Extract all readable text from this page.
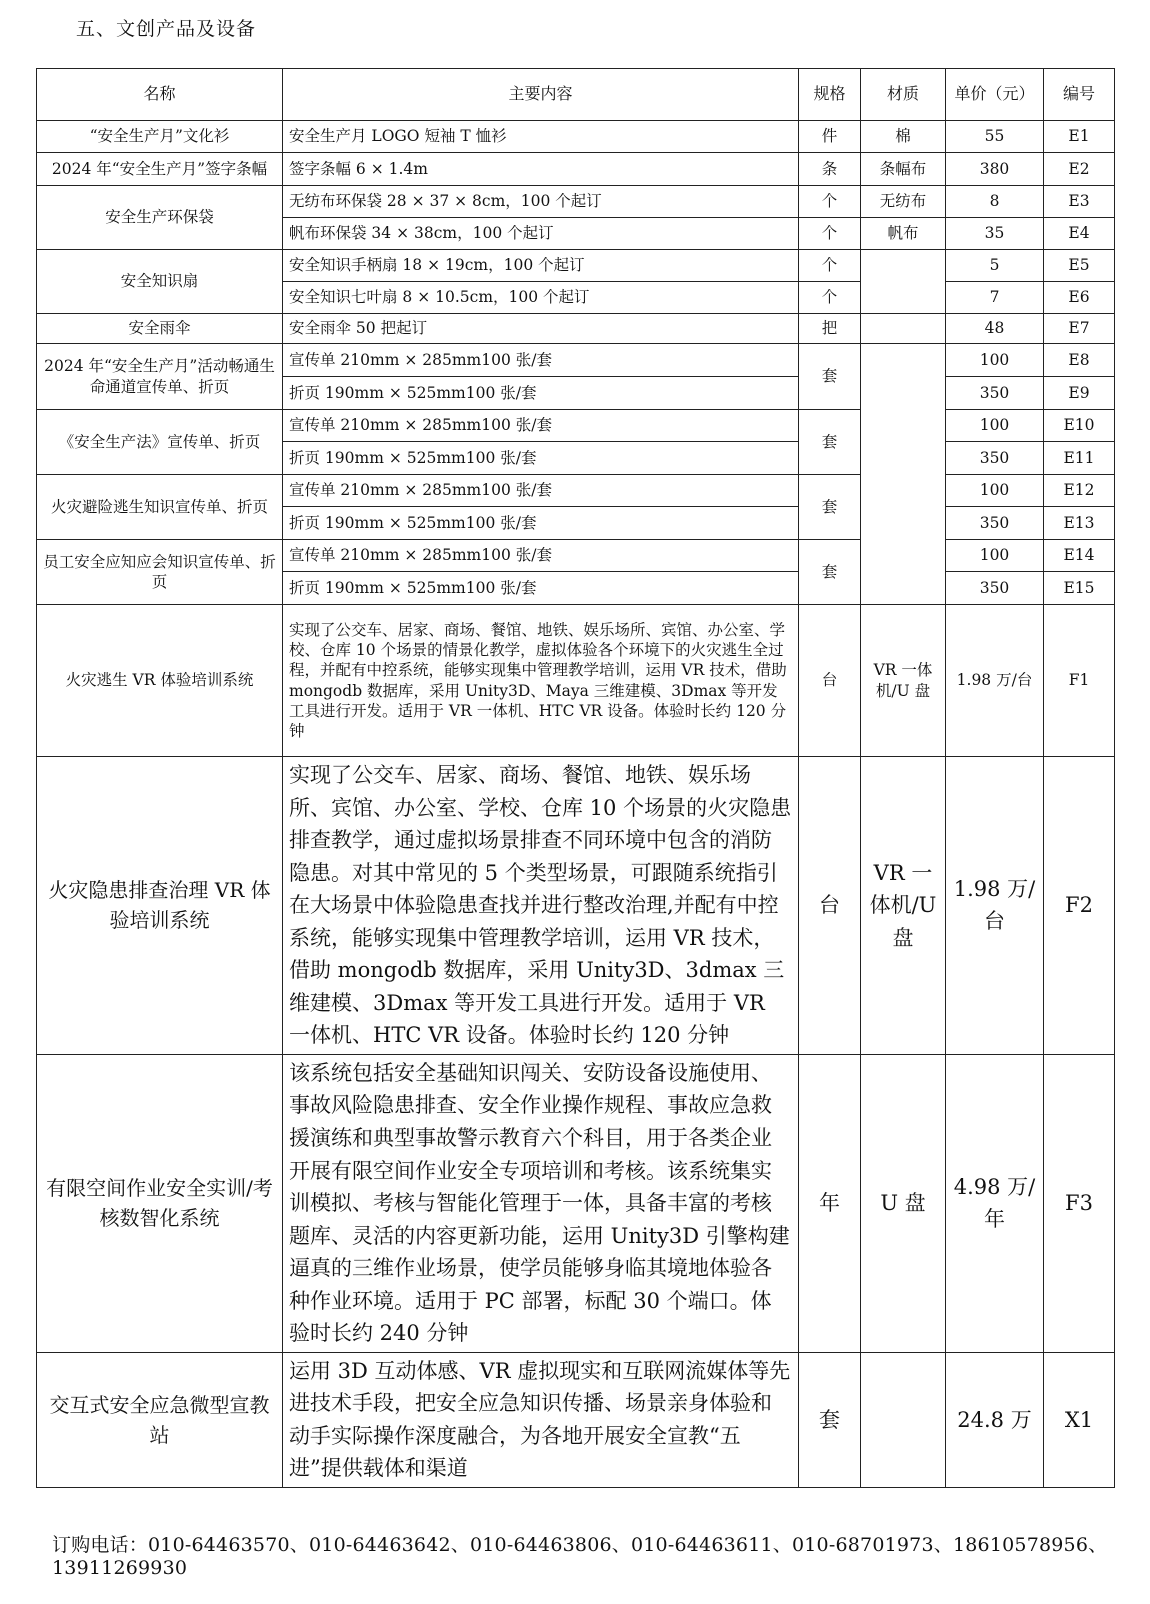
五、文创产品及设备
名称	主要内容	规格	材质	单价（元）	编号
“安全生产月”文化衫	安全生产月 LOGO 短袖 T 恤衫	件	棉	55	E1
2024 年“安全生产月”签字条幅	签字条幅 6 × 1.4m	条	条幅布	380	E2
安全生产环保袋	无纺布环保袋 28 × 37 × 8cm，100 个起订	个	无纺布	8	E3
	帆布环保袋 34 × 38cm，100 个起订	个	帆布	35	E4
安全知识扇	安全知识手柄扇 18 × 19cm，100 个起订	个		5	E5
	安全知识七叶扇 8 × 10.5cm，100 个起订	个		7	E6
安全雨伞	安全雨伞 50 把起订	把		48	E7
2024 年“安全生产月”活动畅通生命通道宣传单、折页	宣传单 210mm × 285mm100 张/套	套		100	E8
	折页 190mm × 525mm100 张/套			350	E9
《安全生产法》宣传单、折页	宣传单 210mm × 285mm100 张/套	套		100	E10
	折页 190mm × 525mm100 张/套			350	E11
火灾避险逃生知识宣传单、折页	宣传单 210mm × 285mm100 张/套	套		100	E12
	折页 190mm × 525mm100 张/套			350	E13
员工安全应知应会知识宣传单、折页	宣传单 210mm × 285mm100 张/套	套		100	E14
	折页 190mm × 525mm100 张/套			350	E15
火灾逃生 VR 体验培训系统	实现了公交车、居家、商场、餐馆、地铁、娱乐场所、宾馆、办公室、学校、仓库 10 个场景的情景化教学，虚拟体验各个环境下的火灾逃生全过程，并配有中控系统，能够实现集中管理教学培训，运用 VR 技术，借助 mongodb 数据库，采用 Unity3D、Maya 三维建模、3Dmax 等开发工具进行开发。适用于 VR 一体机、HTC VR 设备。体验时长约 120 分钟	台	VR 一体机/U 盘	1.98 万/台	F1
火灾隐患排查治理 VR 体验培训系统	实现了公交车、居家、商场、餐馆、地铁、娱乐场所、宾馆、办公室、学校、仓库 10 个场景的火灾隐患排查教学，通过虚拟场景排查不同环境中包含的消防隐患。对其中常见的 5 个类型场景，可跟随系统指引在大场景中体验隐患查找并进行整改治理,并配有中控系统，能够实现集中管理教学培训，运用 VR 技术，借助 mongodb 数据库，采用 Unity3D、3dmax 三维建模、3Dmax 等开发工具进行开发。适用于 VR 一体机、HTC VR 设备。体验时长约 120 分钟	台	VR 一体机/U 盘	1.98 万/台	F2
有限空间作业安全实训/考核数智化系统	该系统包括安全基础知识闯关、安防设备设施使用、事故风险隐患排查、安全作业操作规程、事故应急救援演练和典型事故警示教育六个科目，用于各类企业开展有限空间作业安全专项培训和考核。该系统集实训模拟、考核与智能化管理于一体，具备丰富的考核题库、灵活的内容更新功能，运用 Unity3D 引擎构建逼真的三维作业场景，使学员能够身临其境地体验各种作业环境。适用于 PC 部署，标配 30 个端口。体验时长约 240 分钟	年	U 盘	4.98 万/年	F3
交互式安全应急微型宣教站	运用 3D 互动体感、VR 虚拟现实和互联网流媒体等先进技术手段，把安全应急知识传播、场景亲身体验和动手实际操作深度融合，为各地开展安全宣教“五进”提供载体和渠道	套		24.8 万	X1
订购电话：010-64463570、010-64463642、010-64463806、010-64463611、010-68701973、18610578956、13911269930
